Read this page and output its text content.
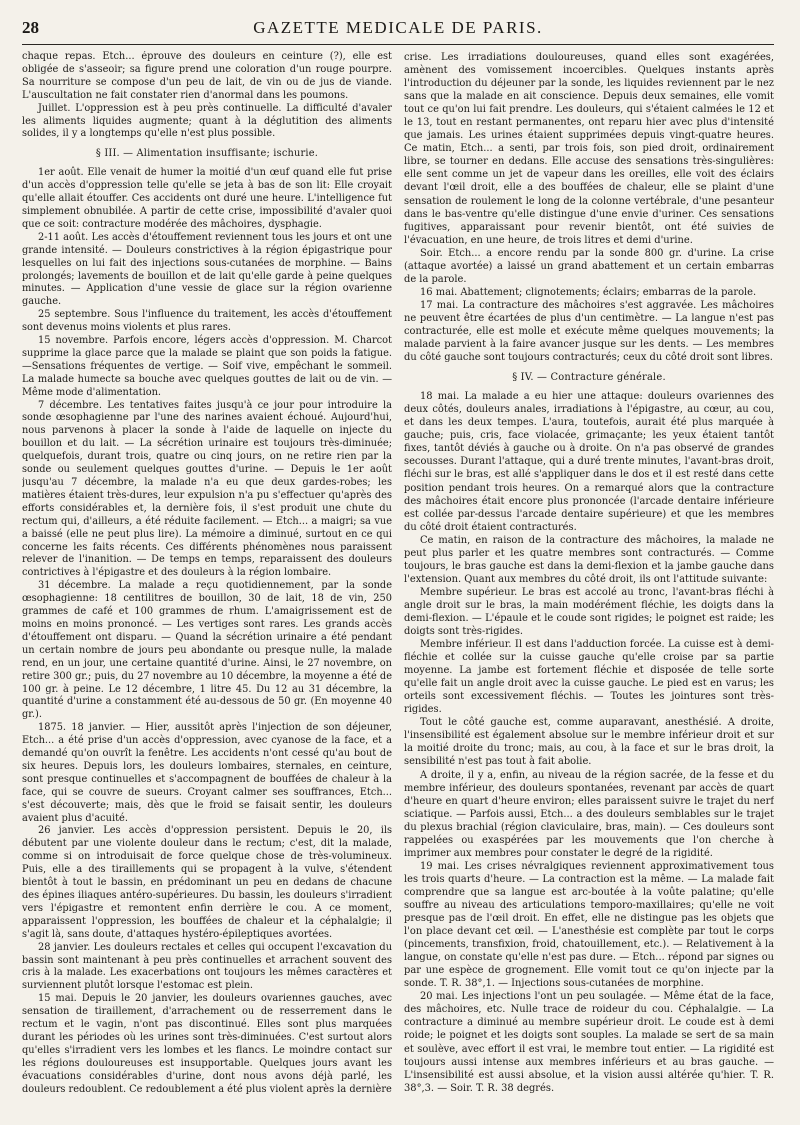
28	GAZETTE MEDICALE DE PARIS.

chaque repas. Etch... éprouve des douleurs en ceinture (?), elle est obligée de s'asseoir; sa figure prend une coloration d'un rouge pourpre. Sa nourriture se compose d'un peu de lait, de vin ou de jus de viande. L'auscultation ne fait constater rien d'anormal dans les poumons.

Juillet. L'oppression est à peu près continuelle. La difficulté d'avaler les aliments liquides augmente; quant à la déglutition des aliments solides, il y a longtemps qu'elle n'est plus possible.

§ III. — Alimentation insuffisante; ischurie.

1er août. Elle venait de humer la moitié d'un œuf quand elle fut prise d'un accès d'oppression telle qu'elle se jeta à bas de son lit: Elle croyait qu'elle allait étouffer. Ces accidents ont duré une heure. L'intelligence fut simplement obnubilée. A partir de cette crise, impossibilité d'avaler quoi que ce soit: contracture modérée des mâchoires, dysphagie.

2-11 août. Les accès d'étouffement reviennent tous les jours et ont une grande intensité. — Douleurs constrictives à la région épigastrique pour lesquelles on lui fait des injections sous-cutanées de morphine. — Bains prolongés; lavements de bouillon et de lait qu'elle garde à peine quelques minutes. — Application d'une vessie de glace sur la région ovarienne gauche.

25 septembre. Sous l'influence du traitement, les accès d'étouffement sont devenus moins violents et plus rares.

15 novembre. Parfois encore, légers accès d'oppression. M. Charcot supprime la glace parce que la malade se plaint que son poids la fatigue. —Sensations fréquentes de vertige. — Soif vive, empêchant le sommeil. La malade humecte sa bouche avec quelques gouttes de lait ou de vin. — Même mode d'alimentation.

7 décembre. Les tentatives faites jusqu'à ce jour pour introduire la sonde œsophagienne par l'une des narines avaient échoué. Aujourd'hui, nous parvenons à placer la sonde à l'aide de laquelle on injecte du bouillon et du lait. — La sécrétion urinaire est toujours très-diminuée; quelquefois, durant trois, quatre ou cinq jours, on ne retire rien par la sonde ou seulement quelques gouttes d'urine. — Depuis le 1er août jusqu'au 7 décembre, la malade n'a eu que deux gardes-robes; les matières étaient très-dures, leur expulsion n'a pu s'effectuer qu'après des efforts considérables et, la dernière fois, il s'est produit une chute du rectum qui, d'ailleurs, a été réduite facilement. — Etch... a maigri; sa vue a baissé (elle ne peut plus lire). La mémoire a diminué, surtout en ce qui concerne les faits récents. Ces différents phénomènes nous paraissent relever de l'inanition. — De temps en temps, reparaissent des douleurs contrictives à l'épigastre et des douleurs à la région lombaire.

31 décembre. La malade a reçu quotidiennement, par la sonde œsophagienne: 18 centilitres de bouillon, 30 de lait, 18 de vin, 250 grammes de café et 100 grammes de rhum. L'amaigrissement est de moins en moins prononcé. — Les vertiges sont rares. Les grands accès d'étouffement ont disparu. — Quand la sécrétion urinaire a été pendant un certain nombre de jours peu abondante ou presque nulle, la malade rend, en un jour, une certaine quantité d'urine. Ainsi, le 27 novembre, on retire 300 gr.; puis, du 27 novembre au 10 décembre, la moyenne a été de 100 gr. à peine. Le 12 décembre, 1 litre 45. Du 12 au 31 décembre, la quantité d'urine a constamment été au-dessous de 50 gr. (En moyenne 40 gr.).

1875. 18 janvier. — Hier, aussitôt après l'injection de son déjeuner, Etch... a été prise d'un accès d'oppression, avec cyanose de la face, et a demandé qu'on ouvrît la fenêtre. Les accidents n'ont cessé qu'au bout de six heures. Depuis lors, les douleurs lombaires, sternales, en ceinture, sont presque continuelles et s'accompagnent de bouffées de chaleur à la face, qui se couvre de sueurs. Croyant calmer ses souffrances, Etch... s'est découverte; mais, dès que le froid se faisait sentir, les douleurs avaient plus d'acuité.

26 janvier. Les accès d'oppression persistent. Depuis le 20, ils débutent par une violente douleur dans le rectum; c'est, dit la malade, comme si on introduisait de force quelque chose de très-volumineux. Puis, elle a des tiraillements qui se propagent à la vulve, s'étendent bientôt à tout le bassin, en prédominant un peu en dedans de chacune des épines iliaques antéro-supérieures. Du bassin, les douleurs s'irradient vers l'épigastre et remontent enfin derrière le cou. A ce moment, apparaissent l'oppression, les bouffées de chaleur et la céphalalgie; il s'agit là, sans doute, d'attaques hystéro-épileptiques avortées.

28 janvier. Les douleurs rectales et celles qui occupent l'excavation du bassin sont maintenant à peu près continuelles et arrachent souvent des cris à la malade. Les exacerbations ont toujours les mêmes caractères et surviennent plutôt lorsque l'estomac est plein.

15 mai. Depuis le 20 janvier, les douleurs ovariennes gauches, avec sensation de tiraillement, d'arrachement ou de resserrement dans le rectum et le vagin, n'ont pas discontinué. Elles sont plus marquées durant les périodes où les urines sont très-diminuées. C'est surtout alors qu'elles s'irradient vers les lombes et les flancs. Le moindre contact sur les régions douloureuses est insupportable. Quelques jours avant les évacuations considérables d'urine, dont nous avons déjà parlé, les douleurs redoublent. Ce redoublement a été plus violent après la dernière

crise. Les irradiations douloureuses, quand elles sont exagérées, amènent des vomissement incoercibles. Quelques instants après l'introduction du déjeuner par la sonde, les liquides reviennent par le nez sans que la malade en ait conscience. Depuis deux semaines, elle vomit tout ce qu'on lui fait prendre. Les douleurs, qui s'étaient calmées le 12 et le 13, tout en restant permanentes, ont reparu hier avec plus d'intensité que jamais. Les urines étaient supprimées depuis vingt-quatre heures. Ce matin, Etch... a senti, par trois fois, son pied droit, ordinairement libre, se tourner en dedans. Elle accuse des sensations très-singulières: elle sent comme un jet de vapeur dans les oreilles, elle voit des éclairs devant l'œil droit, elle a des bouffées de chaleur, elle se plaint d'une sensation de roulement le long de la colonne vertébrale, d'une pesanteur dans le bas-ventre qu'elle distingue d'une envie d'uriner. Ces sensations fugitives, apparaissant pour revenir bientôt, ont été suivies de l'évacuation, en une heure, de trois litres et demi d'urine.

Soir. Etch... a encore rendu par la sonde 800 gr. d'urine. La crise (attaque avortée) a laissé un grand abattement et un certain embarras de la parole.

16 mai. Abattement; clignotements; éclairs; embarras de la parole.

17 mai. La contracture des mâchoires s'est aggravée. Les mâchoires ne peuvent être écartées de plus d'un centimètre. — La langue n'est pas contracturée, elle est molle et exécute même quelques mouvements; la malade parvient à la faire avancer jusque sur les dents. — Les membres du côté gauche sont toujours contracturés; ceux du côté droit sont libres.

§ IV. — Contracture générale.

18 mai. La malade a eu hier une attaque: douleurs ovariennes des deux côtés, douleurs anales, irradiations à l'épigastre, au cœur, au cou, et dans les deux tempes. L'aura, toutefois, aurait été plus marquée à gauche; puis, cris, face violacée, grimaçante; les yeux étaient tantôt fixes, tantôt déviés à gauche ou à droite. On n'a pas observé de grandes secousses. Durant l'attaque, qui a duré trente minutes, l'avant-bras droit, fléchi sur le bras, est allé s'appliquer dans le dos et il est resté dans cette position pendant trois heures. On a remarqué alors que la contracture des mâchoires était encore plus prononcée (l'arcade dentaire inférieure est collée par-dessus l'arcade dentaire supérieure) et que les membres du côté droit étaient contracturés.

Ce matin, en raison de la contracture des mâchoires, la malade ne peut plus parler et les quatre membres sont contracturés. — Comme toujours, le bras gauche est dans la demi-flexion et la jambe gauche dans l'extension. Quant aux membres du côté droit, ils ont l'attitude suivante:

Membre supérieur. Le bras est accolé au tronc, l'avant-bras fléchi à angle droit sur le bras, la main modérément fléchie, les doigts dans la demi-flexion. — L'épaule et le coude sont rigides; le poignet est raide; les doigts sont très-rigides.

Membre inférieur. Il est dans l'adduction forcée. La cuisse est à demi-fléchie et collée sur la cuisse gauche qu'elle croise par sa partie moyenne. La jambe est fortement fléchie et disposée de telle sorte qu'elle fait un angle droit avec la cuisse gauche. Le pied est en varus; les orteils sont excessivement fléchis. — Toutes les jointures sont très-rigides.

Tout le côté gauche est, comme auparavant, anesthésié. A droite, l'insensibilité est également absolue sur le membre inférieur droit et sur la moitié droite du tronc; mais, au cou, à la face et sur le bras droit, la sensibilité n'est pas tout à fait abolie.

A droite, il y a, enfin, au niveau de la région sacrée, de la fesse et du membre inférieur, des douleurs spontanées, revenant par accès de quart d'heure en quart d'heure environ; elles paraissent suivre le trajet du nerf sciatique. — Parfois aussi, Etch... a des douleurs semblables sur le trajet du plexus brachial (région claviculaire, bras, main). — Ces douleurs sont rappelées ou exaspérées par les mouvements que l'on cherche à imprimer aux membres pour constater le degré de la rigidité.

19 mai. Les crises névralgiques reviennent approximativement tous les trois quarts d'heure. — La contraction est la même. — La malade fait comprendre que sa langue est arc-boutée à la voûte palatine; qu'elle souffre au niveau des articulations temporo-maxillaires; qu'elle ne voit presque pas de l'œil droit. En effet, elle ne distingue pas les objets que l'on place devant cet œil. — L'anesthésie est complète par tout le corps (pincements, transfixion, froid, chatouillement, etc.). — Relativement à la langue, on constate qu'elle n'est pas dure. — Etch... répond par signes ou par une espèce de grognement. Elle vomit tout ce qu'on injecte par la sonde. T. R. 38°,1. — Injections sous-cutanées de morphine.

20 mai. Les injections l'ont un peu soulagée. — Même état de la face, des mâchoires, etc. Nulle trace de roideur du cou. Céphalalgie. — La contracture a diminué au membre supérieur droit. Le coude est à demi roide; le poignet et les doigts sont souples. La malade se sert de sa main et soulève, avec effort il est vrai, le membre tout entier. — La rigidité est toujours aussi intense aux membres inférieurs et au bras gauche. — L'insensibilité est aussi absolue, et la vision aussi altérée qu'hier. T. R. 38°,3. — Soir. T. R. 38 degrés.
